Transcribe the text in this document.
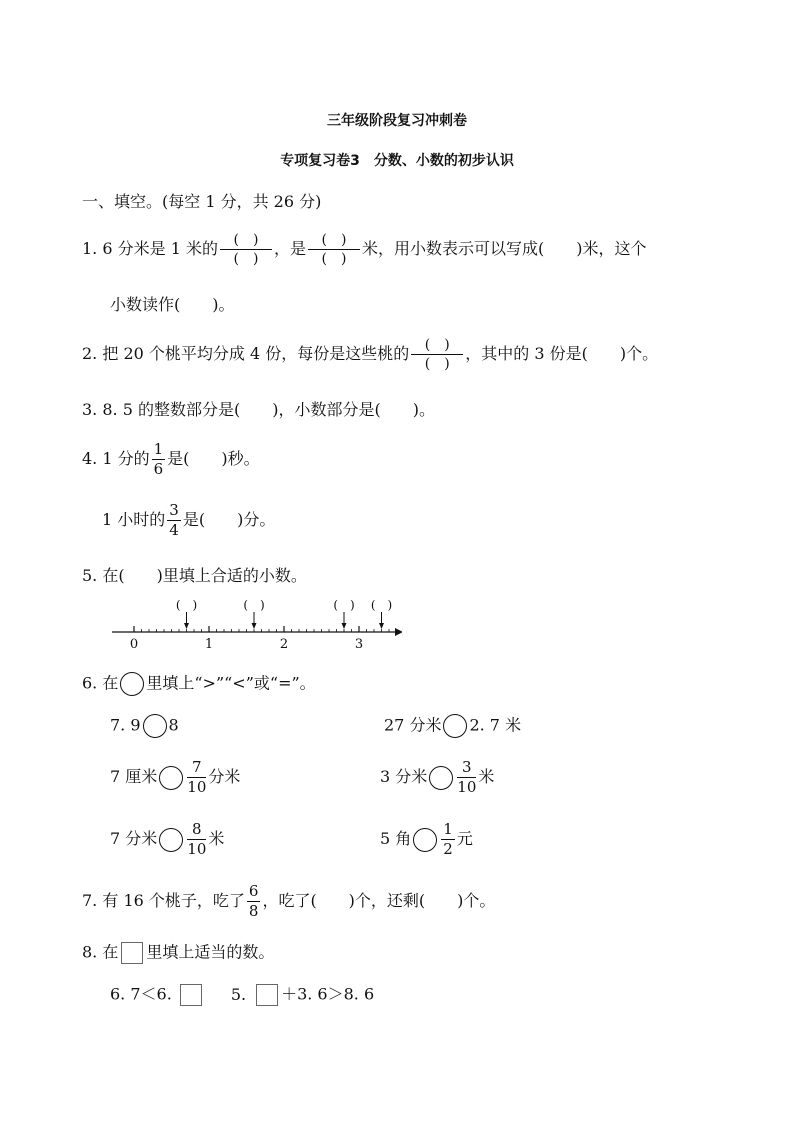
三年级阶段复习冲刺卷
专项复习卷3　分数、小数的初步认识
一、填空。(每空 1 分，共 26 分)
1. 6 分米是 1 米的 $\frac{( )}{( )}$ ，是 $\frac{( )}{( )}$ 米，用小数表示可以写成(　　)米，这个
小数读作(　　)。
2. 把 20 个桃平均分成 4 份，每份是这些桃的 $\frac{( )}{( )}$ ，其中的 3 份是(　　)个。
3. 8. 5 的整数部分是(　　)，小数部分是(　　)。
4. 1 分的 $\frac{1}{6}$ 是(　　)秒。
1 小时的 $\frac{3}{4}$ 是(　　)分。
5. 在(　　)里填上合适的小数。
0	1	2	3
(　)	(　)	(　) (　)
6. 在 里填上“>”“<”或“=”。
7. 9 8	27 分米 2. 7 米
7 厘米 $\frac{7}{10}$ 分米	3 分米 $\frac{3}{10}$ 米
7 分米 $\frac{8}{10}$ 米	5 角 $\frac{1}{2}$ 元
7. 有 16 个桃子，吃了 $\frac{6}{8}$ ，吃了(　　)个，还剩(　　)个。
8. 在 里填上适当的数。
6. 7＜6.	5. ＋3. 6＞8. 6
